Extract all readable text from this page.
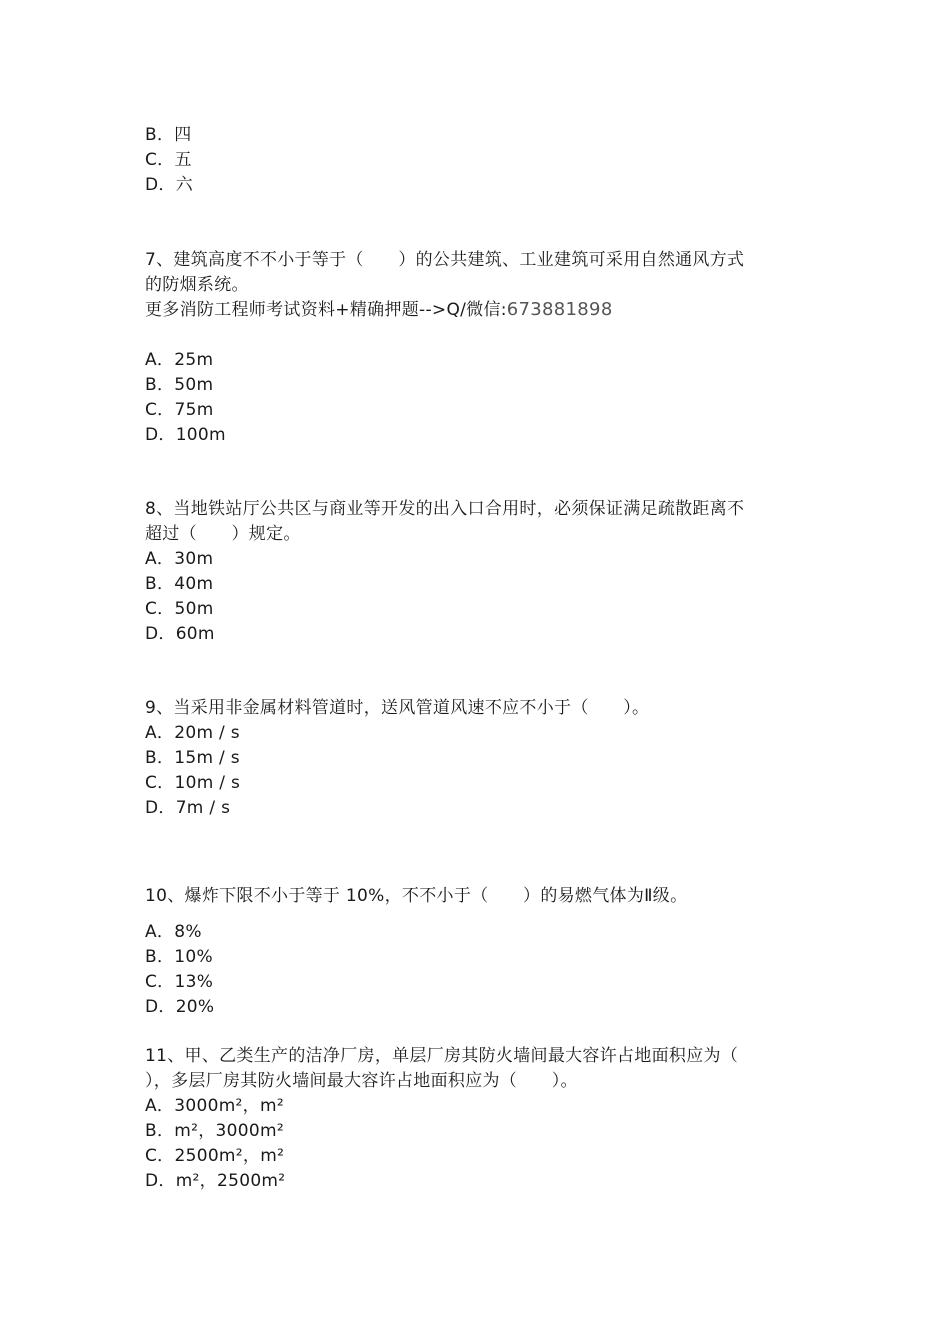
B．四
C．五
D．六
7、建筑高度不不小于等于（　　）的公共建筑、工业建筑可采用自然通风方式
的防烟系统。
更多消防工程师考试资料+精确押题-->Q/微信:673881898
A．25m
B．50m
C．75m
D．100m
8、当地铁站厅公共区与商业等开发的出入口合用时，必须保证满足疏散距离不
超过（　　）规定。
A．30m
B．40m
C．50m
D．60m
9、当采用非金属材料管道时，送风管道风速不应不小于（　　）。
A．20m / s
B．15m / s
C．10m / s
D．7m / s
10、爆炸下限不小于等于 10%，不不小于（　　）的易燃气体为Ⅱ级。
A．8%
B．10%
C．13%
D．20%
11、甲、乙类生产的洁净厂房，单层厂房其防火墙间最大容许占地面积应为（
），多层厂房其防火墙间最大容许占地面积应为（　　）。
A．3000m²，m²
B．m²，3000m²
C．2500m²，m²
D．m²，2500m²
